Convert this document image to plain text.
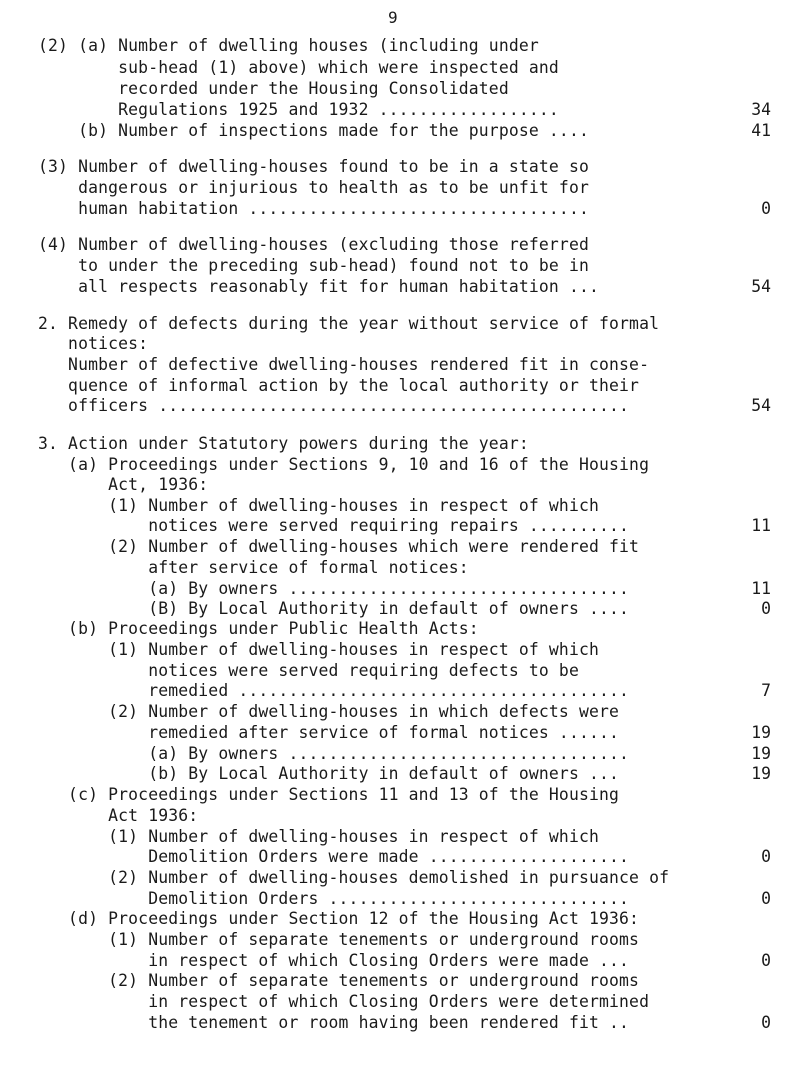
9
(2) (a) Number of dwelling houses (including under
sub-head (1) above) which were inspected and
recorded under the Housing Consolidated
Regulations 1925 and 1932 ..................	34
(b) Number of inspections made for the purpose ....	41
(3) Number of dwelling-houses found to be in a state so
dangerous or injurious to health as to be unfit for
human habitation ..................................	0
(4) Number of dwelling-houses (excluding those referred
to under the preceding sub-head) found not to be in
all respects reasonably fit for human habitation ...	54
2. Remedy of defects during the year without service of formal
notices:
Number of defective dwelling-houses rendered fit in conse-
quence of informal action by the local authority or their
officers ...............................................	54
3. Action under Statutory powers during the year:
(a) Proceedings under Sections 9, 10 and 16 of the Housing
Act, 1936:
(1) Number of dwelling-houses in respect of which
notices were served requiring repairs ..........	11
(2) Number of dwelling-houses which were rendered fit
after service of formal notices:
(a) By owners ..................................	11
(B) By Local Authority in default of owners ....	0
(b) Proceedings under Public Health Acts:
(1) Number of dwelling-houses in respect of which
notices were served requiring defects to be
remedied .......................................	7
(2) Number of dwelling-houses in which defects were
remedied after service of formal notices ......	19
(a) By owners ..................................	19
(b) By Local Authority in default of owners ...	19
(c) Proceedings under Sections 11 and 13 of the Housing
Act 1936:
(1) Number of dwelling-houses in respect of which
Demolition Orders were made ....................	0
(2) Number of dwelling-houses demolished in pursuance of
Demolition Orders ..............................	0
(d) Proceedings under Section 12 of the Housing Act 1936:
(1) Number of separate tenements or underground rooms
in respect of which Closing Orders were made ...	0
(2) Number of separate tenements or underground rooms
in respect of which Closing Orders were determined
the tenement or room having been rendered fit ..	0
